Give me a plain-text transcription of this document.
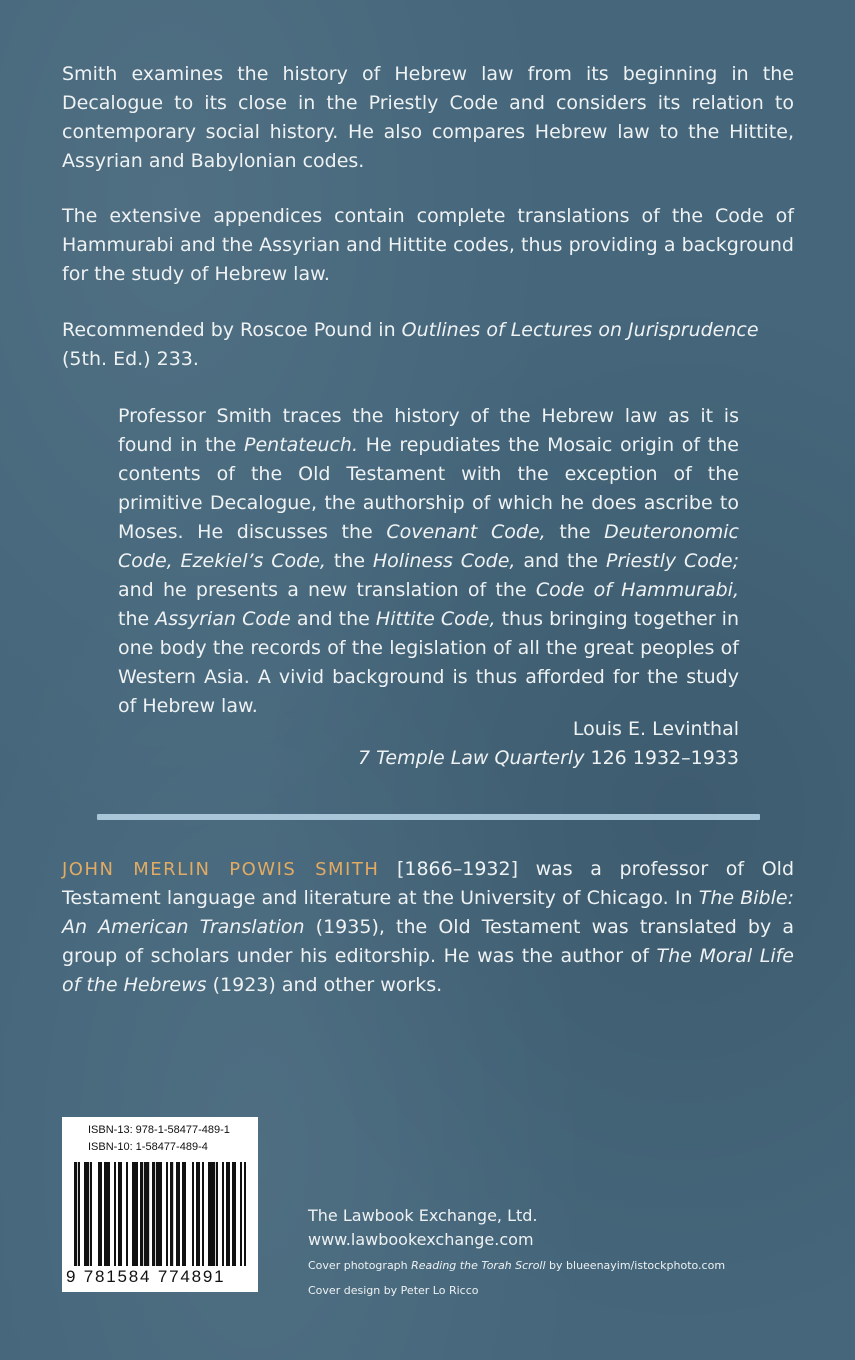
Smith examines the history of Hebrew law from its beginning in the Decalogue to its close in the Priestly Code and considers its relation to contemporary social history. He also compares Hebrew law to the Hittite, Assyrian and Babylonian codes.

The extensive appendices contain complete translations of the Code of Hammurabi and the Assyrian and Hittite codes, thus providing a background for the study of Hebrew law.

Recommended by Roscoe Pound in Outlines of Lectures on Jurisprudence (5th. Ed.) 233.

Professor Smith traces the history of the Hebrew law as it is found in the Pentateuch. He repudiates the Mosaic origin of the contents of the Old Testament with the exception of the primitive Decalogue, the authorship of which he does ascribe to Moses. He discusses the Covenant Code, the Deuteronomic Code, Ezekiel’s Code, the Holiness Code, and the Priestly Code; and he presents a new translation of the Code of Hammurabi, the Assyrian Code and the Hittite Code, thus bringing together in one body the records of the legislation of all the great peoples of Western Asia. A vivid background is thus afforded for the study of Hebrew law.

Louis E. Levinthal
7 Temple Law Quarterly 126 1932–1933

JOHN MERLIN POWIS SMITH [1866–1932] was a professor of Old Testament language and literature at the University of Chicago. In The Bible: An American Translation (1935), the Old Testament was translated by a group of scholars under his editorship. He was the author of The Moral Life of the Hebrews (1923) and other works.

ISBN-13: 978-1-58477-489-1
ISBN-10: 1-58477-489-4
9 781584 774891

The Lawbook Exchange, Ltd.

www.lawbookexchange.com

Cover photograph Reading the Torah Scroll by blueenayim/istockphoto.com

Cover design by Peter Lo Ricco
